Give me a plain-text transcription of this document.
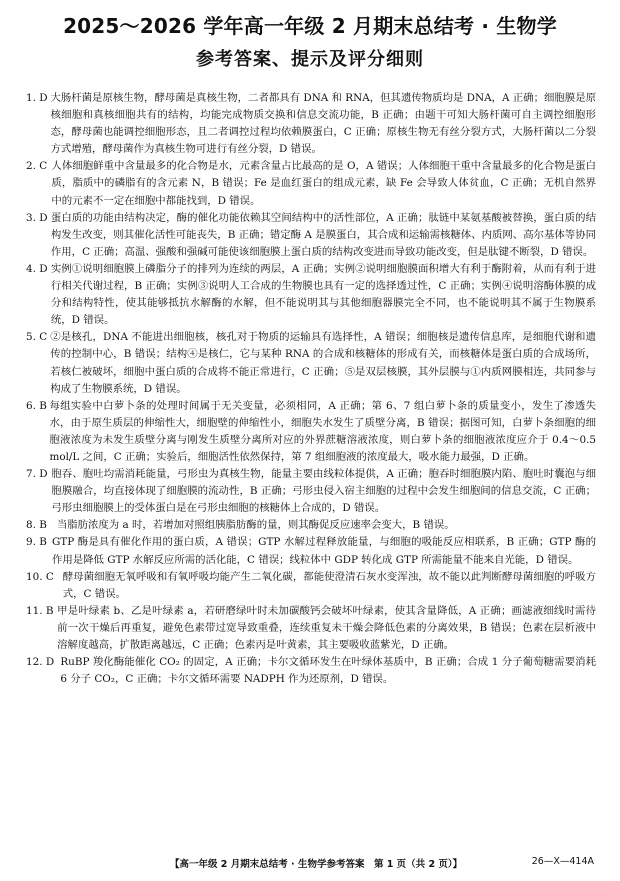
2025～2026 学年高一年级 2 月期末总结考 · 生物学
参考答案、提示及评分细则
1. D 大肠杆菌是原核生物，酵母菌是真核生物，二者都具有 DNA 和 RNA，但其遗传物质均是 DNA，A 正确；细胞膜是原核细胞和真核细胞共有的结构，均能完成物质交换和信息交流功能，B 正确；由题干可知大肠杆菌可自主调控细胞形态，酵母菌也能调控细胞形态，且二者调控过程均依赖膜蛋白，C 正确；原核生物无有丝分裂方式，大肠杆菌以二分裂方式增殖，酵母菌作为真核生物可进行有丝分裂，D 错误。
2. C 人体细胞鲜重中含量最多的化合物是水，元素含量占比最高的是 O，A 错误；人体细胞干重中含量最多的化合物是蛋白质，脂质中的磷脂有的含元素 N，B 错误；Fe 是血红蛋白的组成元素，缺 Fe 会导致人体贫血，C 正确；无机自然界中的元素不一定在细胞中都能找到，D 错误。
3. D 蛋白质的功能由结构决定，酶的催化功能依赖其空间结构中的活性部位，A 正确；肽链中某氨基酸被替换，蛋白质的结构发生改变，则其催化活性可能丧失，B 正确；错定酶 A 是膜蛋白，其合成和运输需核糖体、内质网、高尔基体等协同作用，C 正确；高温、强酸和强碱可能使该细胞膜上蛋白质的结构改变进而导致功能改变，但是肽键不断裂，D 错误。
4. D 实例①说明细胞膜上磷脂分子的排列为连续的两层，A 正确；实例②说明细胞膜面积增大有利于酶附着，从而有利于进行相关代谢过程，B 正确；实例③说明人工合成的生物膜也具有一定的选择透过性，C 正确；实例④说明溶酶体膜的成分和结构特性，使其能够抵抗水解酶的水解，但不能说明其与其他细胞器膜完全不同，也不能说明其不属于生物膜系统，D 错误。
5. C ②是核孔，DNA 不能进出细胞核，核孔对于物质的运输具有选择性，A 错误；细胞核是遗传信息库，是细胞代谢和遗传的控制中心，B 错误；结构④是核仁，它与某种 RNA 的合成和核糖体的形成有关，而核糖体是蛋白质的合成场所，若核仁被破坏，细胞中蛋白质的合成将不能正常进行，C 正确；⑤是双层核膜，其外层膜与①内质网膜相连，共同参与构成了生物膜系统，D 错误。
6. B 每组实验中白萝卜条的处理时间属于无关变量，必须相同，A 正确；第 6、7 组白萝卜条的质量变小，发生了渗透失水，由于原生质层的伸缩性大，细胞壁的伸缩性小，细胞失水发生了质壁分离，B 错误；据图可知，白萝卜条细胞的细胞液浓度为未发生质壁分离与刚发生质壁分离所对应的外界蔗糖溶液浓度，则白萝卜条的细胞液浓度应介于 0.4～0.5 mol/L 之间，C 正确；实验后，细胞活性依然保持，第 7 组细胞液的浓度最大，吸水能力最强，D 正确。
7. D 胞吞、胞吐均需消耗能量，弓形虫为真核生物，能量主要由线粒体提供，A 正确；胞吞时细胞膜内陷、胞吐时囊泡与细胞膜融合，均直接体现了细胞膜的流动性，B 正确；弓形虫侵入宿主细胞的过程中会发生细胞间的信息交流，C 正确；弓形虫细胞膜上的受体蛋白是在弓形虫细胞的核糖体上合成的，D 错误。
8. B 当脂肪浓度为 a 时，若增加对照组胰脂肪酶的量，则其酶促反应速率会变大，B 错误。
9. B GTP 酶是具有催化作用的蛋白质，A 错误；GTP 水解过程释放能量，与细胞的吸能反应相联系，B 正确；GTP 酶的作用是降低 GTP 水解反应所需的活化能，C 错误；线粒体中 GDP 转化成 GTP 所需能量不能来自光能，D 错误。
10. C 酵母菌细胞无氧呼吸和有氧呼吸均能产生二氧化碳，都能使澄清石灰水变浑浊，故不能以此判断酵母菌细胞的呼吸方式，C 错误。
11. B 甲是叶绿素 b、乙是叶绿素 a，若研磨绿叶时未加碳酸钙会破坏叶绿素，使其含量降低，A 正确；画滤液细线时需待前一次干燥后再重复，避免色素带过宽导致重叠，连续重复未干燥会降低色素的分离效果，B 错误；色素在层析液中溶解度越高，扩散距离越远，C 正确；色素丙是叶黄素，其主要吸收蓝紫光，D 正确。
12. D RuBP 羧化酶能催化 CO₂ 的固定，A 正确；卡尔文循环发生在叶绿体基质中，B 正确；合成 1 分子葡萄糖需要消耗 6 分子 CO₂，C 正确；卡尔文循环需要 NADPH 作为还原剂，D 错误。
【高一年级 2 月期末总结考 · 生物学参考答案　第 1 页（共 2 页）】	26—X—414A
